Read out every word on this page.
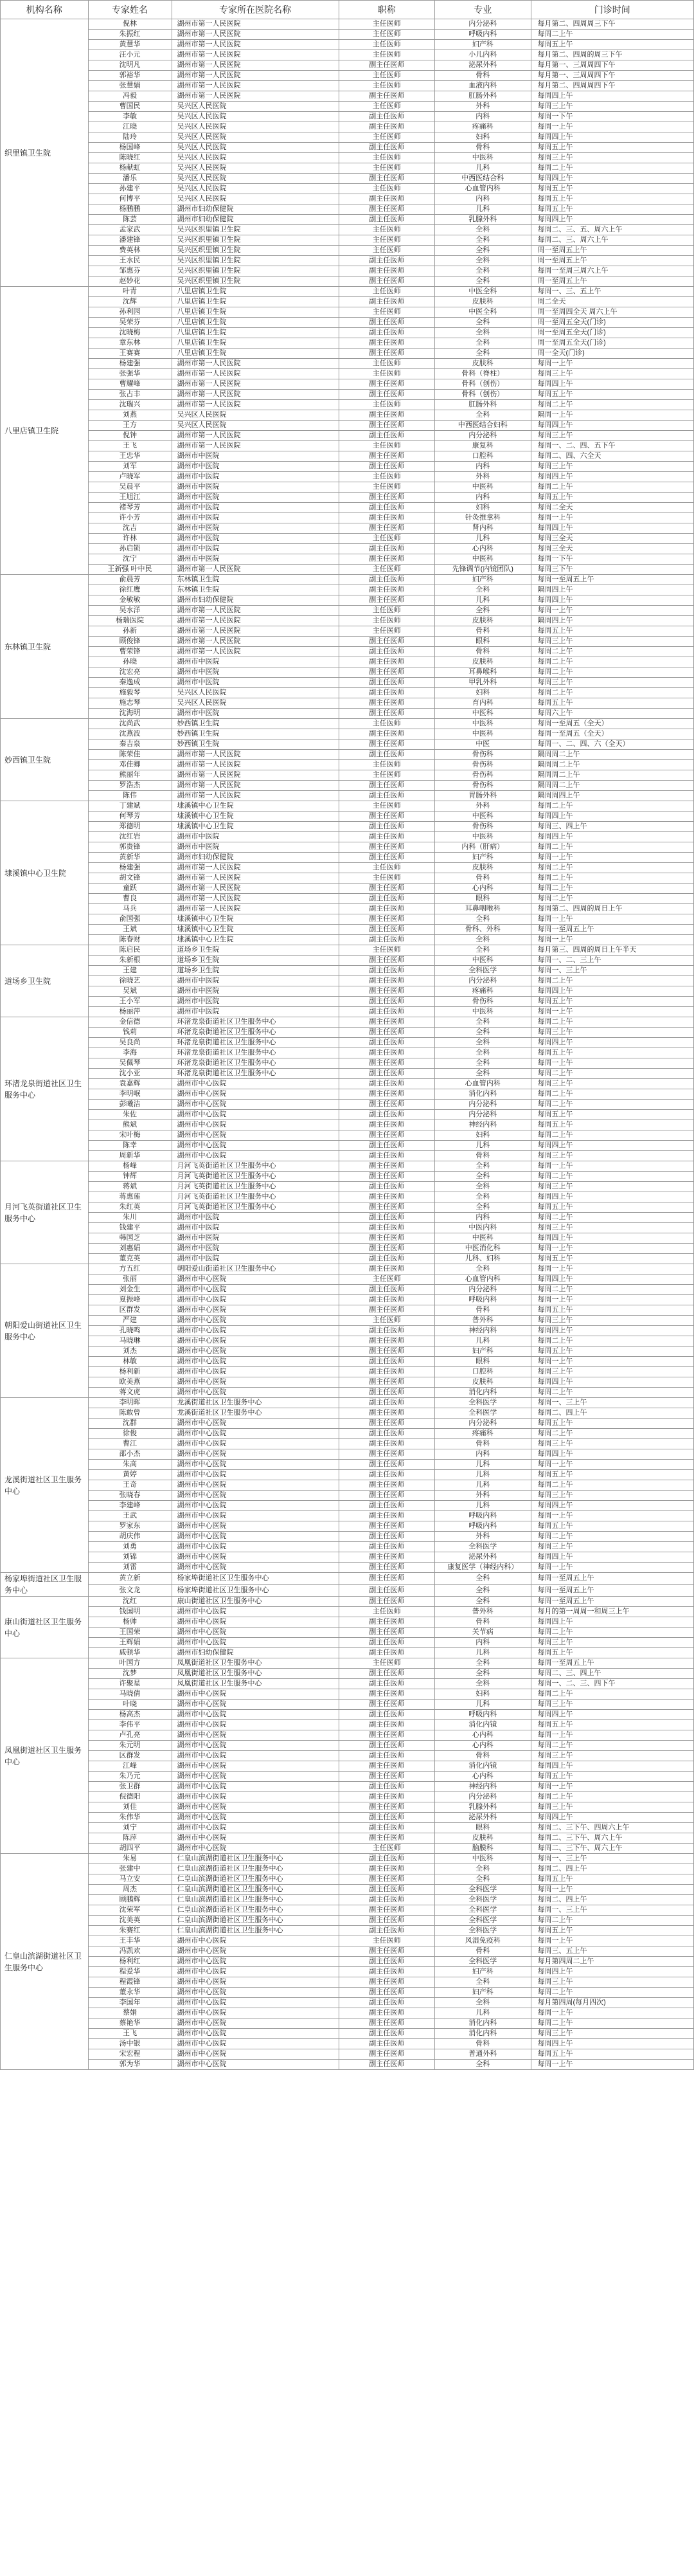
机构名称	专家姓名	专家所在医院名称	职称	专业	门诊时间
织里镇卫生院	倪林	湖州市第一人民医院	主任医师	内分泌科	每月第二、四周周三下午
	朱振红	湖州市第一人民医院	主任医师	呼吸内科	每周二上午
	黄慧华	湖州市第一人民医院	主任医师	妇产科	每周五上午
	汪小元	湖州市第一人民医院	主任医师	小儿内科	每月第二、四周的周三下午
	沈明凡	湖州市第一人民医院	副主任医师	泌尿外科	每月第一、三周周四下午
	郭裕华	湖州市第一人民医院	主任医师	骨科	每月第一、三周周四下午
	张慧娟	湖州市第一人民医院	主任医师	血液内科	每月第二、四周周四下午
	冯毅	湖州市第一人民医院	副主任医师	肛肠外科	每周四上午
	曹国民	吴兴区人民医院	主任医师	外科	每周三上午
	李敏	吴兴区人民医院	副主任医师	内科	每周一下午
	江晓	吴兴区人民医院	副主任医师	疼痛科	每周一上午
	陆玲	吴兴区人民医院	主任医师	妇科	每周四上午
	杨国峰	吴兴区人民医院	副主任医师	骨科	每周五上午
	陈晓红	吴兴区人民医院	主任医师	中医科	每周三上午
	杨献虹	吴兴区人民医院	主任医师	儿科	每周二上午
	潘乐	吴兴区人民医院	副主任医师	中西医结合科	每周四上午
	孙建平	吴兴区人民医院	主任医师	心血管内科	每周五上午
	何博平	吴兴区人民医院	副主任医师	内科	每周五上午
	杨鹏鹏	湖州市妇幼保健院	副主任医师	儿科	每周五上午
	陈芸	湖州市妇幼保健院	副主任医师	乳腺外科	每周四上午
	孟家武	吴兴区织里镇卫生院	主任医师	全科	每周二、三、五、周六上午
	潘建锋	吴兴区织里镇卫生院	主任医师	全科	每周二、三、周六上午
	费英林	吴兴区织里镇卫生院	主任医师	全科	周一至周五上午
	王水民	吴兴区织里镇卫生院	副主任医师	全科	周一至周五上午
	邹惠芬	吴兴区织里镇卫生院	副主任医师	全科	每周一至周三周六上午
	赵妙花	吴兴区织里镇卫生院	副主任医师	全科	周一至周五上午
八里店镇卫生院	叶青	八里店镇卫生院	主任医师	中医全科	每周一、三、五上午
	沈辉	八里店镇卫生院	副主任医师	皮肤科	周二全天
	孙利园	八里店镇卫生院	主任医师	中医全科	周一至周四全天 周六上午
	吴荣芬	八里店镇卫生院	副主任医师	全科	周一至周五全天(门诊)
	沈晓梅	八里店镇卫生院	副主任医师	全科	周一至周五全天(门诊)
	章东林	八里店镇卫生院	副主任医师	全科	周一至周五全天(门诊)
	王赛赛	八里店镇卫生院	副主任医师	全科	周一全天(门诊)
	杨建强	湖州市第一人民医院	主任医师	皮肤科	每周一上午
	张强华	湖州市第一人民医院	主任医师	骨科（脊柱）	每周三上午
	曹耀峰	湖州市第一人民医院	副主任医师	骨科（创伤）	每周四上午
	张占丰	湖州市第一人民医院	副主任医师	骨科（创伤）	每周五上午
	沈瑞兴	湖州市第一人民医院	主任医师	肛肠外科	每周二上午
	刘燕	吴兴区人民医院	副主任医师	全科	隔周一上午
	王方	吴兴区人民医院	副主任医师	中西医结合妇科	每周四上午
	倪钟	湖州市第一人民医院	副主任医师	内分泌科	每周三上午
	王飞	湖州市第一人民医院	主任医师	康复科	每周一、二、四、五下午
	王忠华	湖州市中医院	副主任医师	口腔科	每周二、四、六全天
	刘军	湖州市中医院	副主任医师	内科	每周三上午
	卢晓军	湖州市中医院	主任医师	外科	每周四上午
	吴晨平	湖州市中医院	主任医师	中医科	每周二上午
	王旭江	湖州市中医院	副主任医师	内科	每周五上午
	褚琴芳	湖州市中医院	副主任医师	妇科	每周二全天
	许小芳	湖州市中医院	副主任医师	针灸推拿科	每周一上午
	沈吉	湖州市中医院	副主任医师	肾内科	每周四上午
	许林	湖州市中医院	主任医师	儿科	每周三全天
	孙启锁	湖州市中医院	副主任医师	心内科	每周三全天
	沈宁	湖州市中医院	副主任医师	中医科	每周一下午
	王新强 叶中民	湖州市第一人民医院	主任医师	先锋调节(内镜团队)	每周三下午
东林镇卫生院	俞晨芳	东林镇卫生院	副主任医师	妇产科	每周一至周五上午
	徐红鹰	东林镇卫生院	副主任医师	全科	隔周四上午
	金敏敏	湖州市妇幼保健院	副主任医师	儿科	每周四上午
	吴水洋	湖州市第一人民医院	主任医师	全科	每周一上午
	杨瑞医院	湖州市第一人民医院	主任医师	皮肤科	隔周四上午
	孙新	湖州市第一人民医院	主任医师	骨科	每周五上午
	顾俊锋	湖州市第一人民医院	副主任医师	眼科	每周三上午
	曹荣锋	湖州市第一人民医院	副主任医师	骨科	每周二上午
	孙晓	湖州市中医院	副主任医师	皮肤科	每周二上午
	沈宏亮	湖州市中医院	副主任医师	耳鼻喉科	每周二上午
	秦逸成	湖州市中医院	副主任医师	甲乳外科	每周三上午
	施毅琴	吴兴区人民医院	副主任医师	妇科	每周二上午
	施志琴	吴兴区人民医院	副主任医师	育内科	每周五上午
	沈海明	湖州市中医院	副主任医师	中医科	每周六上午
妙西镇卫生院	沈尚武	妙西镇卫生院	主任医师	中医科	每周一至周五（全天）
	沈燕波	妙西镇卫生院	副主任医师	中医科	每周一至周五（全天）
	秦吉泉	妙西镇卫生院	副主任医师	中医	每周一、二、四、六（全天）
	陈荣佳	湖州市第一人民医院	副主任医师	骨伤科	隔周周二上午
	邓佳卿	湖州市第一人民医院	主任医师	骨伤科	隔周周二上午
	熊丽年	湖州市第一人民医院	主任医师	骨伤科	隔周周二上午
	罗浩杰	湖州市第一人民医院	副主任医师	骨伤科	隔周周二上午
	陈伟	湖州市第一人民医院	副主任医师	胃肠外科	隔周周四上午
埭溪镇中心卫生院	丁建斌	埭溪镇中心卫生院	主任医师	外科	每周二上午
	何琴芳	埭溪镇中心卫生院	副主任医师	中医科	每周四上午
	郑德明	埭溪镇中心卫生院	副主任医师	骨伤科	每周三、四上午
	沈红岩	湖州市中医院	副主任医师	中医科	每周四上午
	郭贵锋	湖州市中医院	副主任医师	内科（肝病）	每周二上午
	黄新华	湖州市妇幼保健院	副主任医师	妇产科	每周一上午
	杨建强	湖州市第一人民医院	主任医师	皮肤科	每周二上午
	胡文锋	湖州市第一人民医院	主任医师	骨科	每周二上午
	童跃	湖州市第一人民医院	副主任医师	心内科	每周二上午
	曹良	湖州市第一人民医院	副主任医师	眼科	每周二上午
	马兵	湖州市第一人民医院	副主任医师	耳鼻咽喉科	每周第二、四周的周日上午
	俞国强	埭溪镇中心卫生院	副主任医师	全科	每周一上午
	王斌	埭溪镇中心卫生院	副主任医师	骨科、外科	每周一至周五上午
	陈春财	埭溪镇中心卫生院	副主任医师	全科	每周一上午
道场乡卫生院	陈启民	道场乡卫生院	主任医师	全科	每月第三、四周的周日上午半天
	朱新根	道场乡卫生院	副主任医师	中医科	每周一、二、三上午
	王建	道场乡卫生院	副主任医师	全科医学	每周一、三上午
	徐晓艺	湖州市中医院	副主任医师	内分泌科	每周二上午
	吴斌	湖州市中医院	副主任医师	疼痛科	每周四上午
	王小军	湖州市中医院	副主任医师	骨伤科	每周五上午
	杨丽萍	湖州市中医院	副主任医师	中医科	每周一上午
环渚龙泉街道社区卫生服务中心	金信德	环渚龙泉街道社区卫生服务中心	副主任医师	全科	每周二上午
	钱莉	环渚龙泉街道社区卫生服务中心	副主任医师	全科	每周三上午
	吴良尚	环渚龙泉街道社区卫生服务中心	副主任医师	全科	每周四上午
	李海	环渚龙泉街道社区卫生服务中心	副主任医师	全科	每周五上午
	吴佩琴	环渚龙泉街道社区卫生服务中心	副主任医师	全科	每周一上午
	沈小亚	环渚龙泉街道社区卫生服务中心	副主任医师	全科	每周二上午
	袁嘉辉	湖州市中心医院	副主任医师	心血管内科	每周三上午
	李明岷	湖州市中心医院	副主任医师	消化内科	每周二上午
	彭曦洁	湖州市中心医院	副主任医师	内分泌科	每周二上午
	朱佐	湖州市中心医院	副主任医师	内分泌科	每周五上午
	熊斌	湖州市中心医院	副主任医师	神经内科	每周五上午
	宋叶梅	湖州市中心医院	副主任医师	妇科	每周二上午
	陈幸	湖州市中心医院	副主任医师	儿科	每周四上午
	周新华	湖州市中心医院	副主任医师	骨科	每周三上午
月河飞英街道社区卫生服务中心	杨峰	月河飞英街道社区卫生服务中心	副主任医师	全科	每周一上午
	钟辉	月河飞英街道社区卫生服务中心	副主任医师	全科	每周二上午
	蒋斌	月河飞英街道社区卫生服务中心	副主任医师	全科	每周三上午
	蒋惠莲	月河飞英街道社区卫生服务中心	副主任医师	全科	每周四上午
	朱红英	月河飞英街道社区卫生服务中心	副主任医师	全科	每周五上午
	朱川	湖州市中医院	副主任医师	内科	每周二上午
	钱建平	湖州市中医院	副主任医师	中医内科	每周三上午
	韩国芝	湖州市中医院	副主任医师	中医科	每周四上午
	刘惠娟	湖州市中医院	副主任医师	中医消化科	每周一上午
	董克英	湖州市中医院	副主任医师	儿科、妇科	每周五上午
朝阳爱山街道社区卫生服务中心	方五红	朝阳爱山街道社区卫生服务中心	副主任医师	全科	每周一上午
	张丽	湖州市中心医院	主任医师	心血管内科	每周四上午
	刘金生	湖州市中心医院	副主任医师	内分泌科	每周二上午
	夏振峰	湖州市中心医院	副主任医师	呼吸内科	每周一上午
	区群发	湖州市中心医院	副主任医师	骨科	每周五上午
	严建	湖州市中心医院	主任医师	普外科	每周三上午
	孔晓鸣	湖州市中心医院	副主任医师	神经内科	每周四上午
	马晓琳	湖州市中心医院	副主任医师	儿科	每周二上午
	刘杰	湖州市中心医院	副主任医师	妇产科	每周五上午
	林敏	湖州市中心医院	副主任医师	眼科	每周一上午
	杨利新	湖州市中心医院	副主任医师	口腔科	每周三上午
	欧美燕	湖州市中心医院	副主任医师	皮肤科	每周四上午
	蒋文虎	湖州市中心医院	副主任医师	消化内科	每周二上午
龙溪街道社区卫生服务中心	李明晖	龙溪街道社区卫生服务中心	副主任医师	全科医学	每周一、三上午
	陈敢曾	龙溪街道社区卫生服务中心	副主任医师	全科医学	每周二、四上午
	沈群	湖州市中心医院	副主任医师	内分泌科	每周五上午
	徐俊	湖州市中心医院	副主任医师	疼痛科	每周二上午
	曹江	湖州市中心医院	副主任医师	骨科	每周三上午
	邵小杰	湖州市中心医院	副主任医师	内科	每周四上午
	朱高	湖州市中心医院	副主任医师	儿科	每周一上午
	黄婷	湖州市中心医院	副主任医师	儿科	每周五上午
	王奇	湖州市中心医院	副主任医师	儿科	每周二上午
	张晓春	湖州市中心医院	副主任医师	外科	每周三上午
	李建峰	湖州市中心医院	副主任医师	儿科	每周四上午
	王武	湖州市中心医院	副主任医师	呼吸内科	每周一上午
	罗家东	湖州市中心医院	副主任医师	呼吸内科	每周五上午
	胡庆伟	湖州市中心医院	副主任医师	外科	每周二上午
	刘勇	湖州市中心医院	副主任医师	全科医学	每周三上午
	刘锦	湖州市中心医院	副主任医师	泌尿外科	每周四上午
	刘雷	湖州市中心医院	副主任医师	康复医学（神经内科）	每周一上午
杨家埠街道社区卫生服务中心	黄立新	杨家埠街道社区卫生服务中心	副主任医师	全科	每周一至周五上午
	张文龙	杨家埠街道社区卫生服务中心	副主任医师	全科	每周一至周五上午
康山街道社区卫生服务中心	沈红	康山街道社区卫生服务中心	副主任医师	全科	每周一至周五上午
	钱国明	湖州市中心医院	主任医师	普外科	每月的第一周周一和周三上午
	杨帅	湖州市中心医院	副主任医师	骨科	每周四上午
	王国荣	湖州市中心医院	副主任医师	关节病	每周二上午
	王辉娟	湖州市中心医院	副主任医师	内科	每周三上午
	戚顿华	湖州市妇幼保健院	副主任医师	儿科	每周五上午
凤凰街道社区卫生服务中心	叶国方	凤凰街道社区卫生服务中心	主任医师	全科	每周一至周五上午
	沈梦	凤凰街道社区卫生服务中心	副主任医师	全科	每周二、三、四上午
	许聚星	凤凰街道社区卫生服务中心	副主任医师	全科	每周一、二、三、四下午
	马晓倩	湖州市中心医院	副主任医师	妇科	每周二上午
	叶晓	湖州市中心医院	副主任医师	儿科	每周三上午
	杨高杰	湖州市中心医院	副主任医师	呼吸内科	每周四上午
	李伟平	湖州市中心医院	副主任医师	消化内镜	每周五上午
	卢孔亮	湖州市中心医院	副主任医师	心内科	每周一上午
	朱元明	湖州市中心医院	副主任医师	心内科	每周二上午
	区群发	湖州市中心医院	副主任医师	骨科	每周三上午
	江峰	湖州市中心医院	副主任医师	消化内镜	每周四上午
	朱乃元	湖州市中心医院	副主任医师	心内科	每周五上午
	张卫群	湖州市中心医院	副主任医师	神经内科	每周一上午
	倪德阳	湖州市中心医院	副主任医师	内分泌科	每周二上午
	刘佳	湖州市中心医院	副主任医师	乳腺外科	每周三上午
	朱伟华	湖州市中心医院	副主任医师	泌尿外科	每周四上午
	刘宁	湖州市中心医院	副主任医师	眼科	每周二、三下午、四周六上午
	陈萍	湖州市中心医院	副主任医师	皮肤科	每周二、三下午、周六上午
	胡四平	湖州市中心医院	主任医师	脑膜科	每周二、三下午、周六上午
仁皇山滨湖街道社区卫生服务中心	朱易	仁皇山滨湖街道社区卫生服务中心	副主任医师	中医科	每周一、三上午
	张建中	仁皇山滨湖街道社区卫生服务中心	副主任医师	全科	每周二、四上午
	马立安	仁皇山滨湖街道社区卫生服务中心	副主任医师	全科	每周五上午
	周杰	仁皇山滨湖街道社区卫生服务中心	副主任医师	全科医学	每周一上午
	顾鹏辉	仁皇山滨湖街道社区卫生服务中心	副主任医师	全科医学	每周二、四上午
	沈荣军	仁皇山滨湖街道社区卫生服务中心	副主任医师	全科医学	每周一、三上午
	沈美英	仁皇山滨湖街道社区卫生服务中心	副主任医师	全科医学	每周二上午
	朱赛红	仁皇山滨湖街道社区卫生服务中心	副主任医师	全科医学	每周五上午
	王丰华	湖州市中心医院	主任医师	风湿免疫科	每周一上午
	冯凯欢	湖州市中心医院	副主任医师	骨科	每周三、五上午
	杨利红	湖州市中心医院	副主任医师	全科医学	每月第四周二上午
	程爱华	湖州市中心医院	副主任医师	妇产科	每周四上午
	程霞锋	湖州市中心医院	副主任医师	全科	每周三上午
	董永华	湖州市中心医院	副主任医师	妇产科	每周二上午
	李国年	湖州市中心医院	副主任医师	全科	每月第四周(每月四次)
	蔡娟	湖州市中心医院	副主任医师	儿科	每周一上午
	蔡艳华	湖州市中心医院	副主任医师	消化内科	每周二上午
	王飞	湖州市中心医院	副主任医师	消化内科	每周三上午
	汤中银	湖州市中心医院	副主任医师	骨科	每周四上午
	宋宏程	湖州市中心医院	副主任医师	普通外科	每周五上午
	郭为华	湖州市中心医院	副主任医师	全科	每周一上午
